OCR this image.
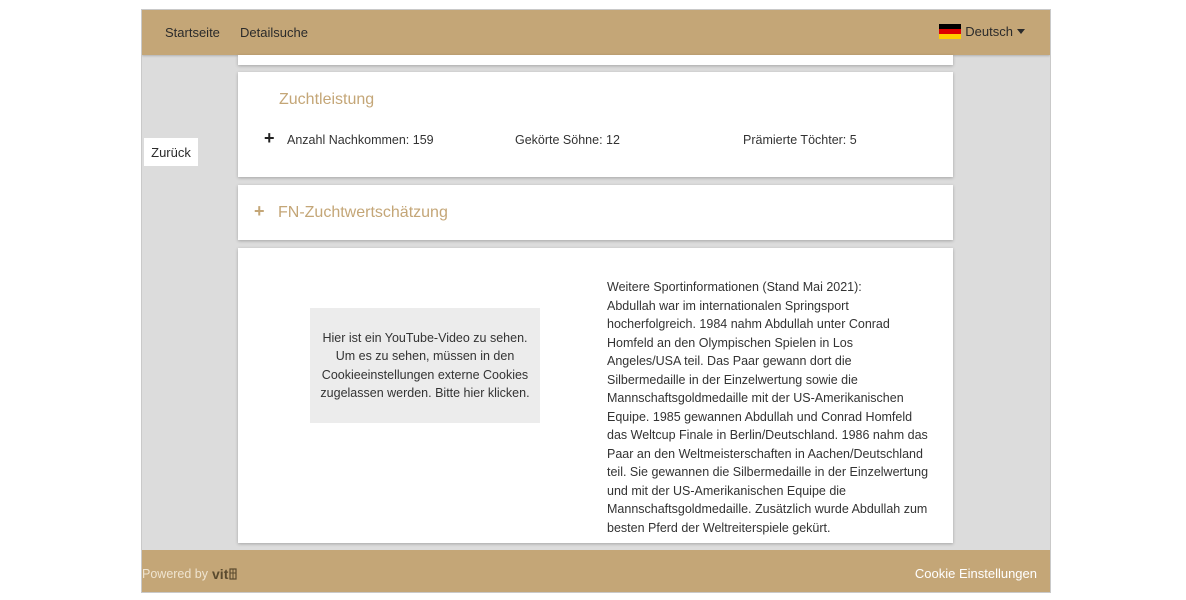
Startseite Detailsuche	Deutsch
Zurück
Zuchtleistung
+ Anzahl Nachkommen: 159	Gekörte Söhne: 12	Prämierte Töchter: 5
+ FN-Zuchtwertschätzung
Hier ist ein YouTube-Video zu sehen. Um es zu sehen, müssen in den Cookieeinstellungen externe Cookies zugelassen werden. Bitte hier klicken.
Weitere Sportinformationen (Stand Mai 2021):
Abdullah war im internationalen Springsport hocherfolgreich. 1984 nahm Abdullah unter Conrad Homfeld an den Olympischen Spielen in Los Angeles/USA teil. Das Paar gewann dort die Silbermedaille in der Einzelwertung sowie die Mannschaftsgoldmedaille mit der US-Amerikanischen Equipe. 1985 gewannen Abdullah und Conrad Homfeld das Weltcup Finale in Berlin/Deutschland. 1986 nahm das Paar an den Weltmeisterschaften in Aachen/Deutschland teil. Sie gewannen die Silbermedaille in der Einzelwertung und mit der US-Amerikanischen Equipe die Mannschaftsgoldmedaille. Zusätzlich wurde Abdullah zum besten Pferd der Weltreiterspiele gekürt.
Powered by vit	Cookie Einstellungen
